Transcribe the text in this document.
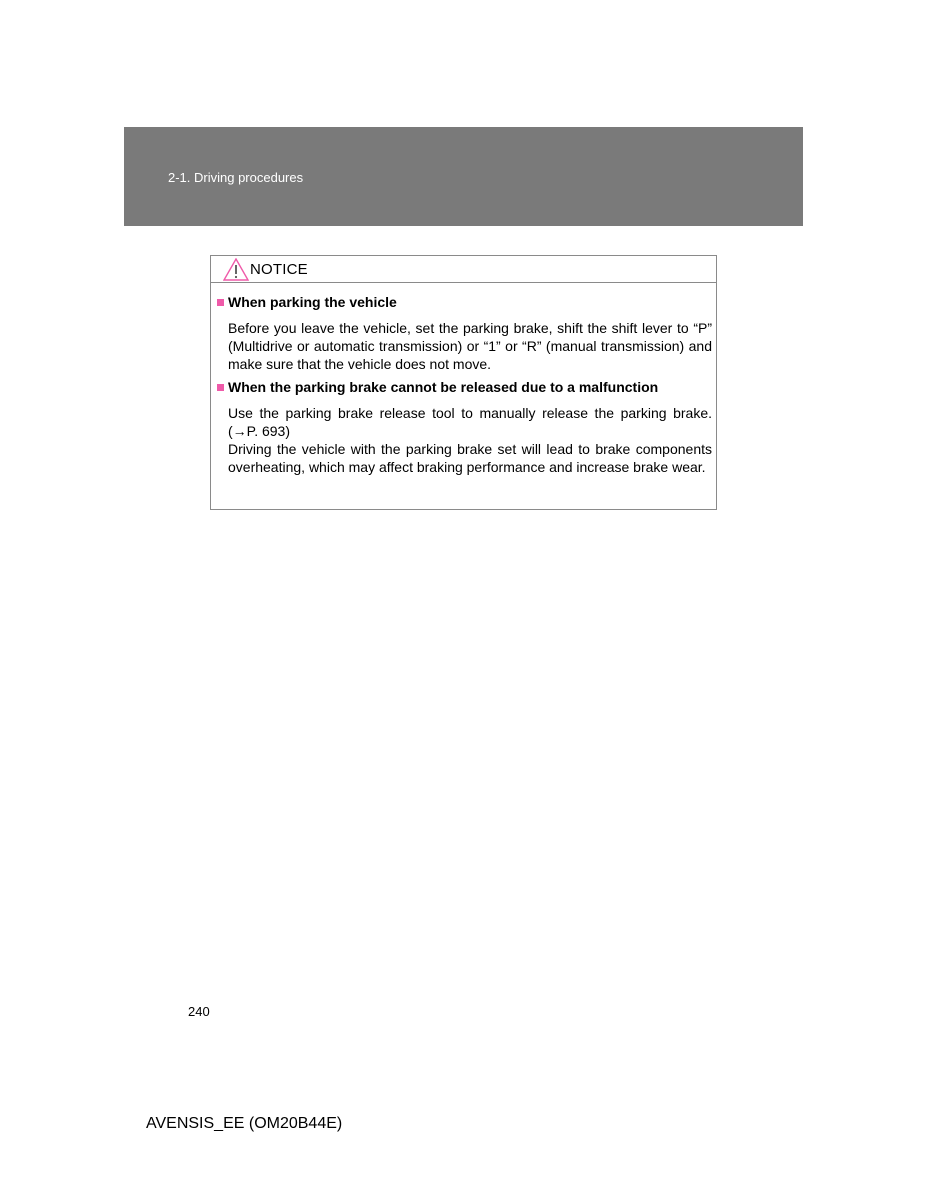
2-1. Driving procedures
NOTICE
When parking the vehicle
Before you leave the vehicle, set the parking brake, shift the shift lever to “P” (Multidrive or automatic transmission) or “1” or “R” (manual transmission) and make sure that the vehicle does not move.
When the parking brake cannot be released due to a malfunction
Use the parking brake release tool to manually release the parking brake. (→P. 693)
Driving the vehicle with the parking brake set will lead to brake components overheating, which may affect braking performance and increase brake wear.
240
AVENSIS_EE (OM20B44E)
